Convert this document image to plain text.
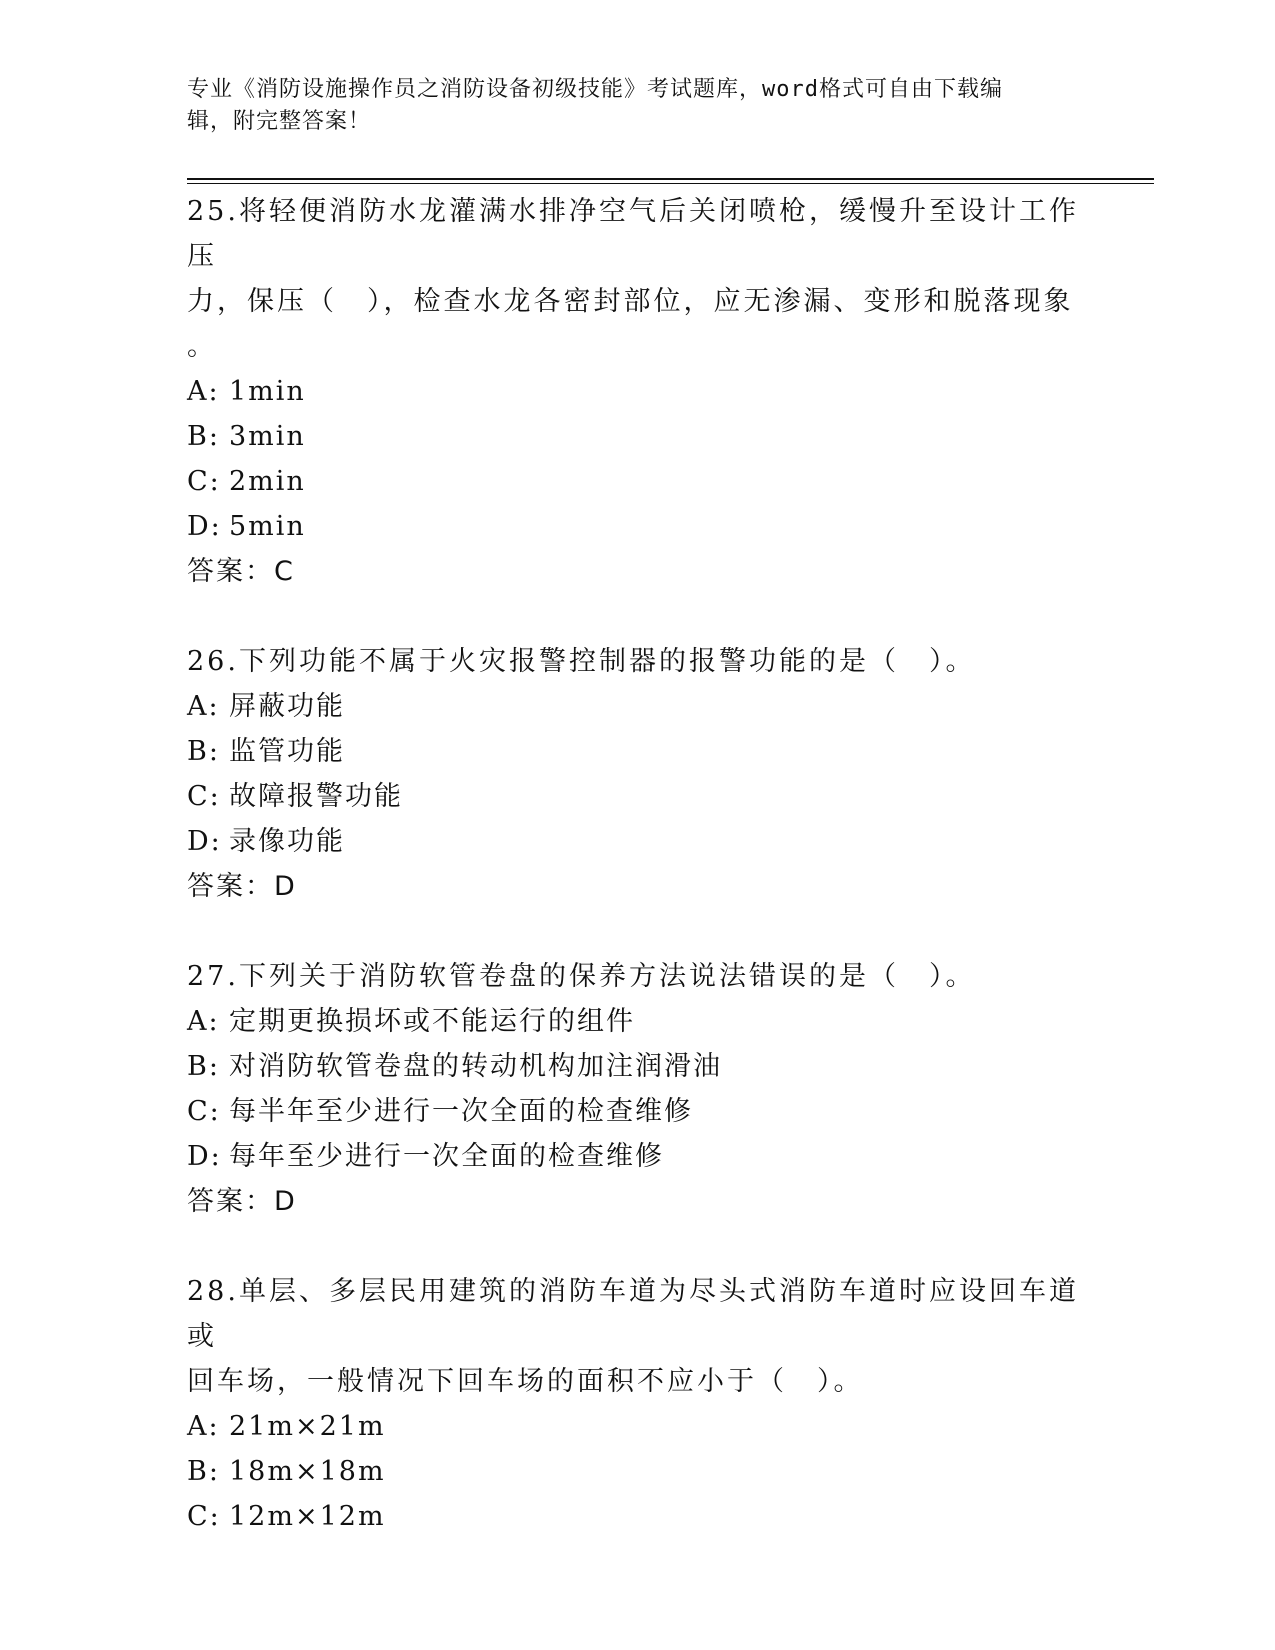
专业《消防设施操作员之消防设备初级技能》考试题库，word格式可自由下载编
辑，附完整答案！

25.将轻便消防水龙灌满水排净空气后关闭喷枪，缓慢升至设计工作压

力，保压（　），检查水龙各密封部位，应无渗漏、变形和脱落现象

。

A: 1min

B: 3min

C: 2min

D: 5min

答案：C

26.下列功能不属于火灾报警控制器的报警功能的是（　）。

A: 屏蔽功能

B: 监管功能

C: 故障报警功能

D: 录像功能

答案：D

27.下列关于消防软管卷盘的保养方法说法错误的是（　）。

A: 定期更换损坏或不能运行的组件

B: 对消防软管卷盘的转动机构加注润滑油

C: 每半年至少进行一次全面的检查维修

D: 每年至少进行一次全面的检查维修

答案：D

28.单层、多层民用建筑的消防车道为尽头式消防车道时应设回车道或

回车场，一般情况下回车场的面积不应小于（　）。

A: 21m×21m

B: 18m×18m

C: 12m×12m
